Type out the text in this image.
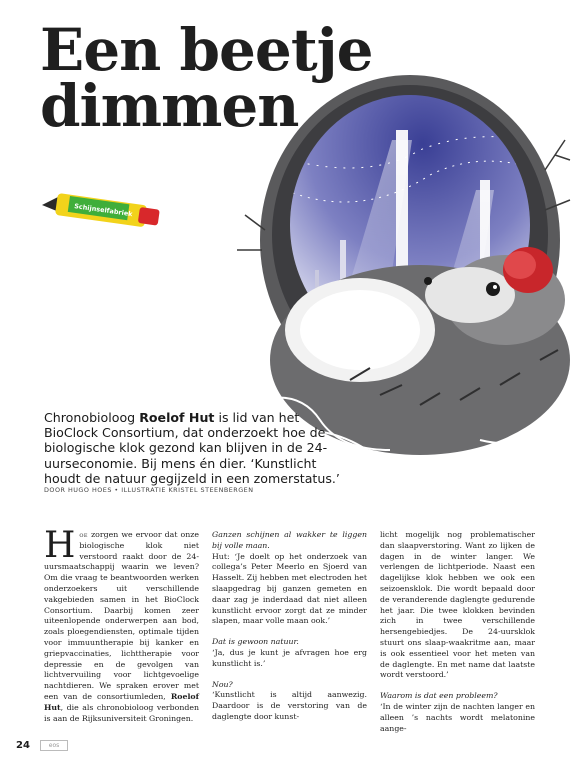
Schijnselfabriek
Een beetje
dimmen

Chronobioloog Roelof Hut is lid van het BioClock Consortium, dat onderzoekt hoe de biologische klok gezond kan blijven in de 24-uurseconomie. Bij mens én dier. ‘Kunstlicht houdt de natuur gegijzeld in een zomerstatus.’

DOOR HUGO HOES • ILLUSTRATIE KRISTEL STEENBERGEN

Hoe zorgen we ervoor dat onze biologische klok niet verstoord raakt door de 24-uursmaatschappij waarin we leven? Om die vraag te beantwoorden werken onderzoekers uit verschillende vakgebieden samen in het BioClock Consortium. Daarbij komen zeer uiteenlopende onderwerpen aan bod, zoals ploegendiensten, optimale tijden voor immuuntherapie bij kanker en griepvaccinaties, lichttherapie voor depressie en de gevolgen van lichtvervuiling voor lichtgevoelige nachtdieren. We spraken erover met een van de consortiumleden, Roelof Hut, die als chronobioloog verbonden is aan de Rijksuniversiteit Groningen.

Ganzen schijnen al wakker te liggen bij volle maan.

Hut: ‘Je doelt op het onderzoek van collega’s Peter Meerlo en Sjoerd van Hasselt. Zij hebben met electroden het slaapgedrag bij ganzen gemeten en daar zag je inderdaad dat niet alleen kunstlicht ervoor zorgt dat ze minder slapen, maar volle maan ook.’

Dat is gewoon natuur.

‘Ja, dus je kunt je afvragen hoe erg kunstlicht is.’

Nou?

‘Kunstlicht is altijd aanwezig. Daardoor is de verstoring van de daglengte door kunst-

licht mogelijk nog problematischer dan slaapverstoring. Want zo lijken de dagen in de winter langer. We verlengen de lichtperiode. Naast een dagelijkse klok hebben we ook een seizoensklok. Die wordt bepaald door de veranderende daglengte gedurende het jaar. Die twee klokken bevinden zich in twee verschillende hersengebiedjes. De 24-uursklok stuurt ons slaap-waakritme aan, maar is ook essentieel voor het meten van de daglengte. En met name dat laatste wordt verstoord.’

Waarom is dat een probleem?

‘In de winter zijn de nachten langer en alleen ’s nachts wordt melatonine aange-

24	eos
